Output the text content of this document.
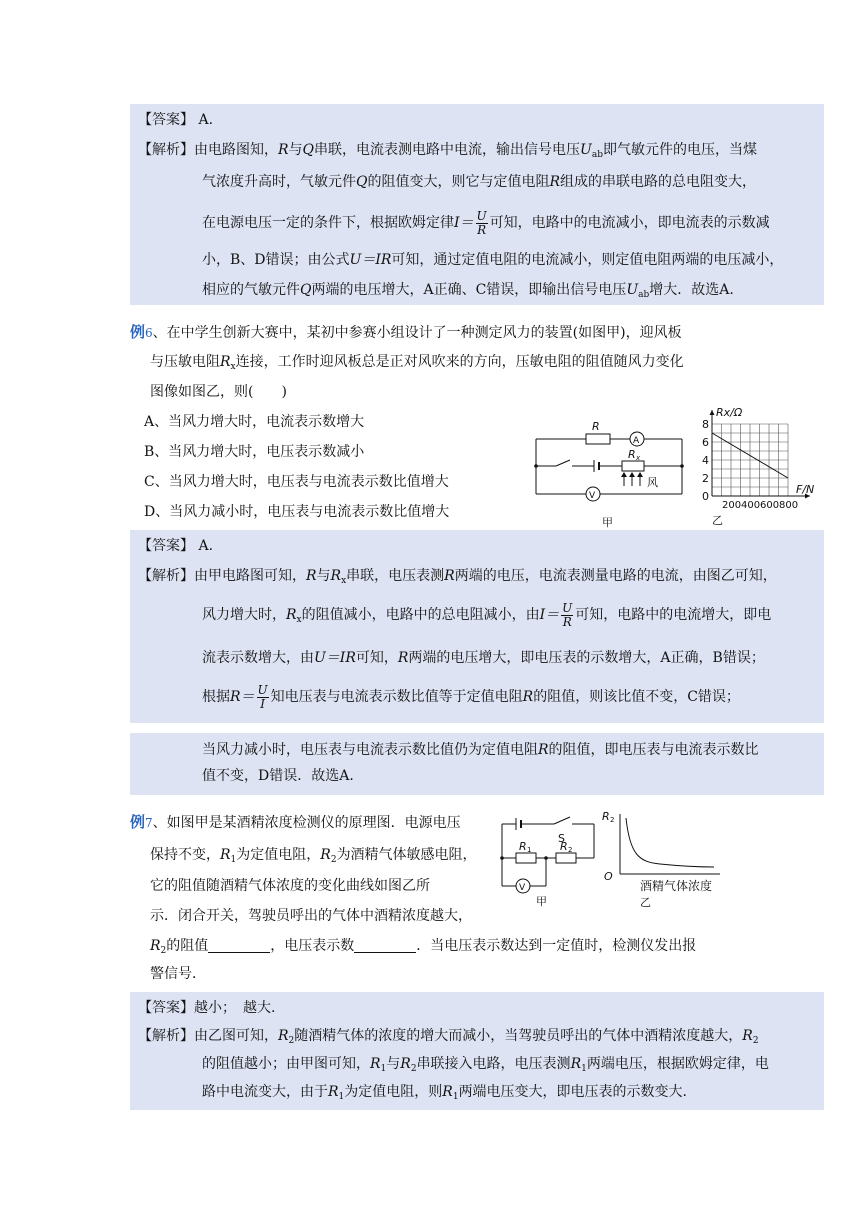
【答案】 A.
【解析】由电路图知，R与Q串联，电流表测电路中电流，输出信号电压$U_{ab}$即气敏元件的电压，当煤
气浓度升高时，气敏元件Q的阻值变大，则它与定值电阻R组成的串联电路的总电阻变大，
在电源电压一定的条件下，根据欧姆定律$I= \frac{U}{R}$ 可知，电路中的电流减小，即电流表的示数减
小，B、D错误；由公式U＝IR可知，通过定值电阻的电流减小，则定值电阻两端的电压减小，
相应的气敏元件Q两端的电压增大，A正确、C错误，即输出信号电压$U_{ab}$增大．故选A.
例6、在中学生创新大赛中，某初中参赛小组设计了一种测定风力的装置(如图甲)，迎风板
与压敏电阻$R_x$连接，工作时迎风板总是正对风吹来的方向，压敏电阻的阻值随风力变化
图像如图乙，则(　　)
A、当风力增大时，电流表示数增大
B、当风力增大时，电压表示数减小
C、当风力增大时，电压表与电流表示数比值增大
D、当风力减小时，电压表与电流表示数比值增大
R
A
V
R x
风
甲
0
2
4
6
8
200 400 600 800
Rx/Ω
F/N
乙
【答案】 A.
【解析】由甲电路图可知，R与$R_x$串联，电压表测R两端的电压，电流表测量电路的电流，由图乙可知，
风力增大时，$R_x$的阻值减小，电路中的总电阻减小，由$I= \frac{U}{R}$ 可知，电路中的电流增大，即电
流表示数增大，由U＝IR可知，R两端的电压增大，即电压表的示数增大，A正确，B错误；
根据$R= \frac{U}{I}$ 知电压表与电流表示数比值等于定值电阻R的阻值，则该比值不变，C错误；
当风力减小时，电压表与电流表示数比值仍为定值电阻R的阻值，即电压表与电流表示数比
值不变，D错误．故选A.
例7、如图甲是某酒精浓度检测仪的原理图．电源电压
保持不变，$R_1$为定值电阻，$R_2$为酒精气体敏感电阻，
它的阻值随酒精气体浓度的变化曲线如图乙所
示．闭合开关，驾驶员呼出的气体中酒精浓度越大，
$R_2$的阻值	，电压表示数	．当电压表示数达到一定值时，检测仪发出报
警信号．
V
S
R 1	R 2
甲
R 2
O
酒精气体浓度
乙
【答案】越小；　越大.
【解析】由乙图可知，$R_2$随酒精气体的浓度的增大而减小，当驾驶员呼出的气体中酒精浓度越大，$R_2$
的阻值越小；由甲图可知，$R_1$与$R_2$串联接入电路，电压表测$R_1$两端电压，根据欧姆定律，电
路中电流变大，由于$R_1$为定值电阻，则$R_1$两端电压变大，即电压表的示数变大.
